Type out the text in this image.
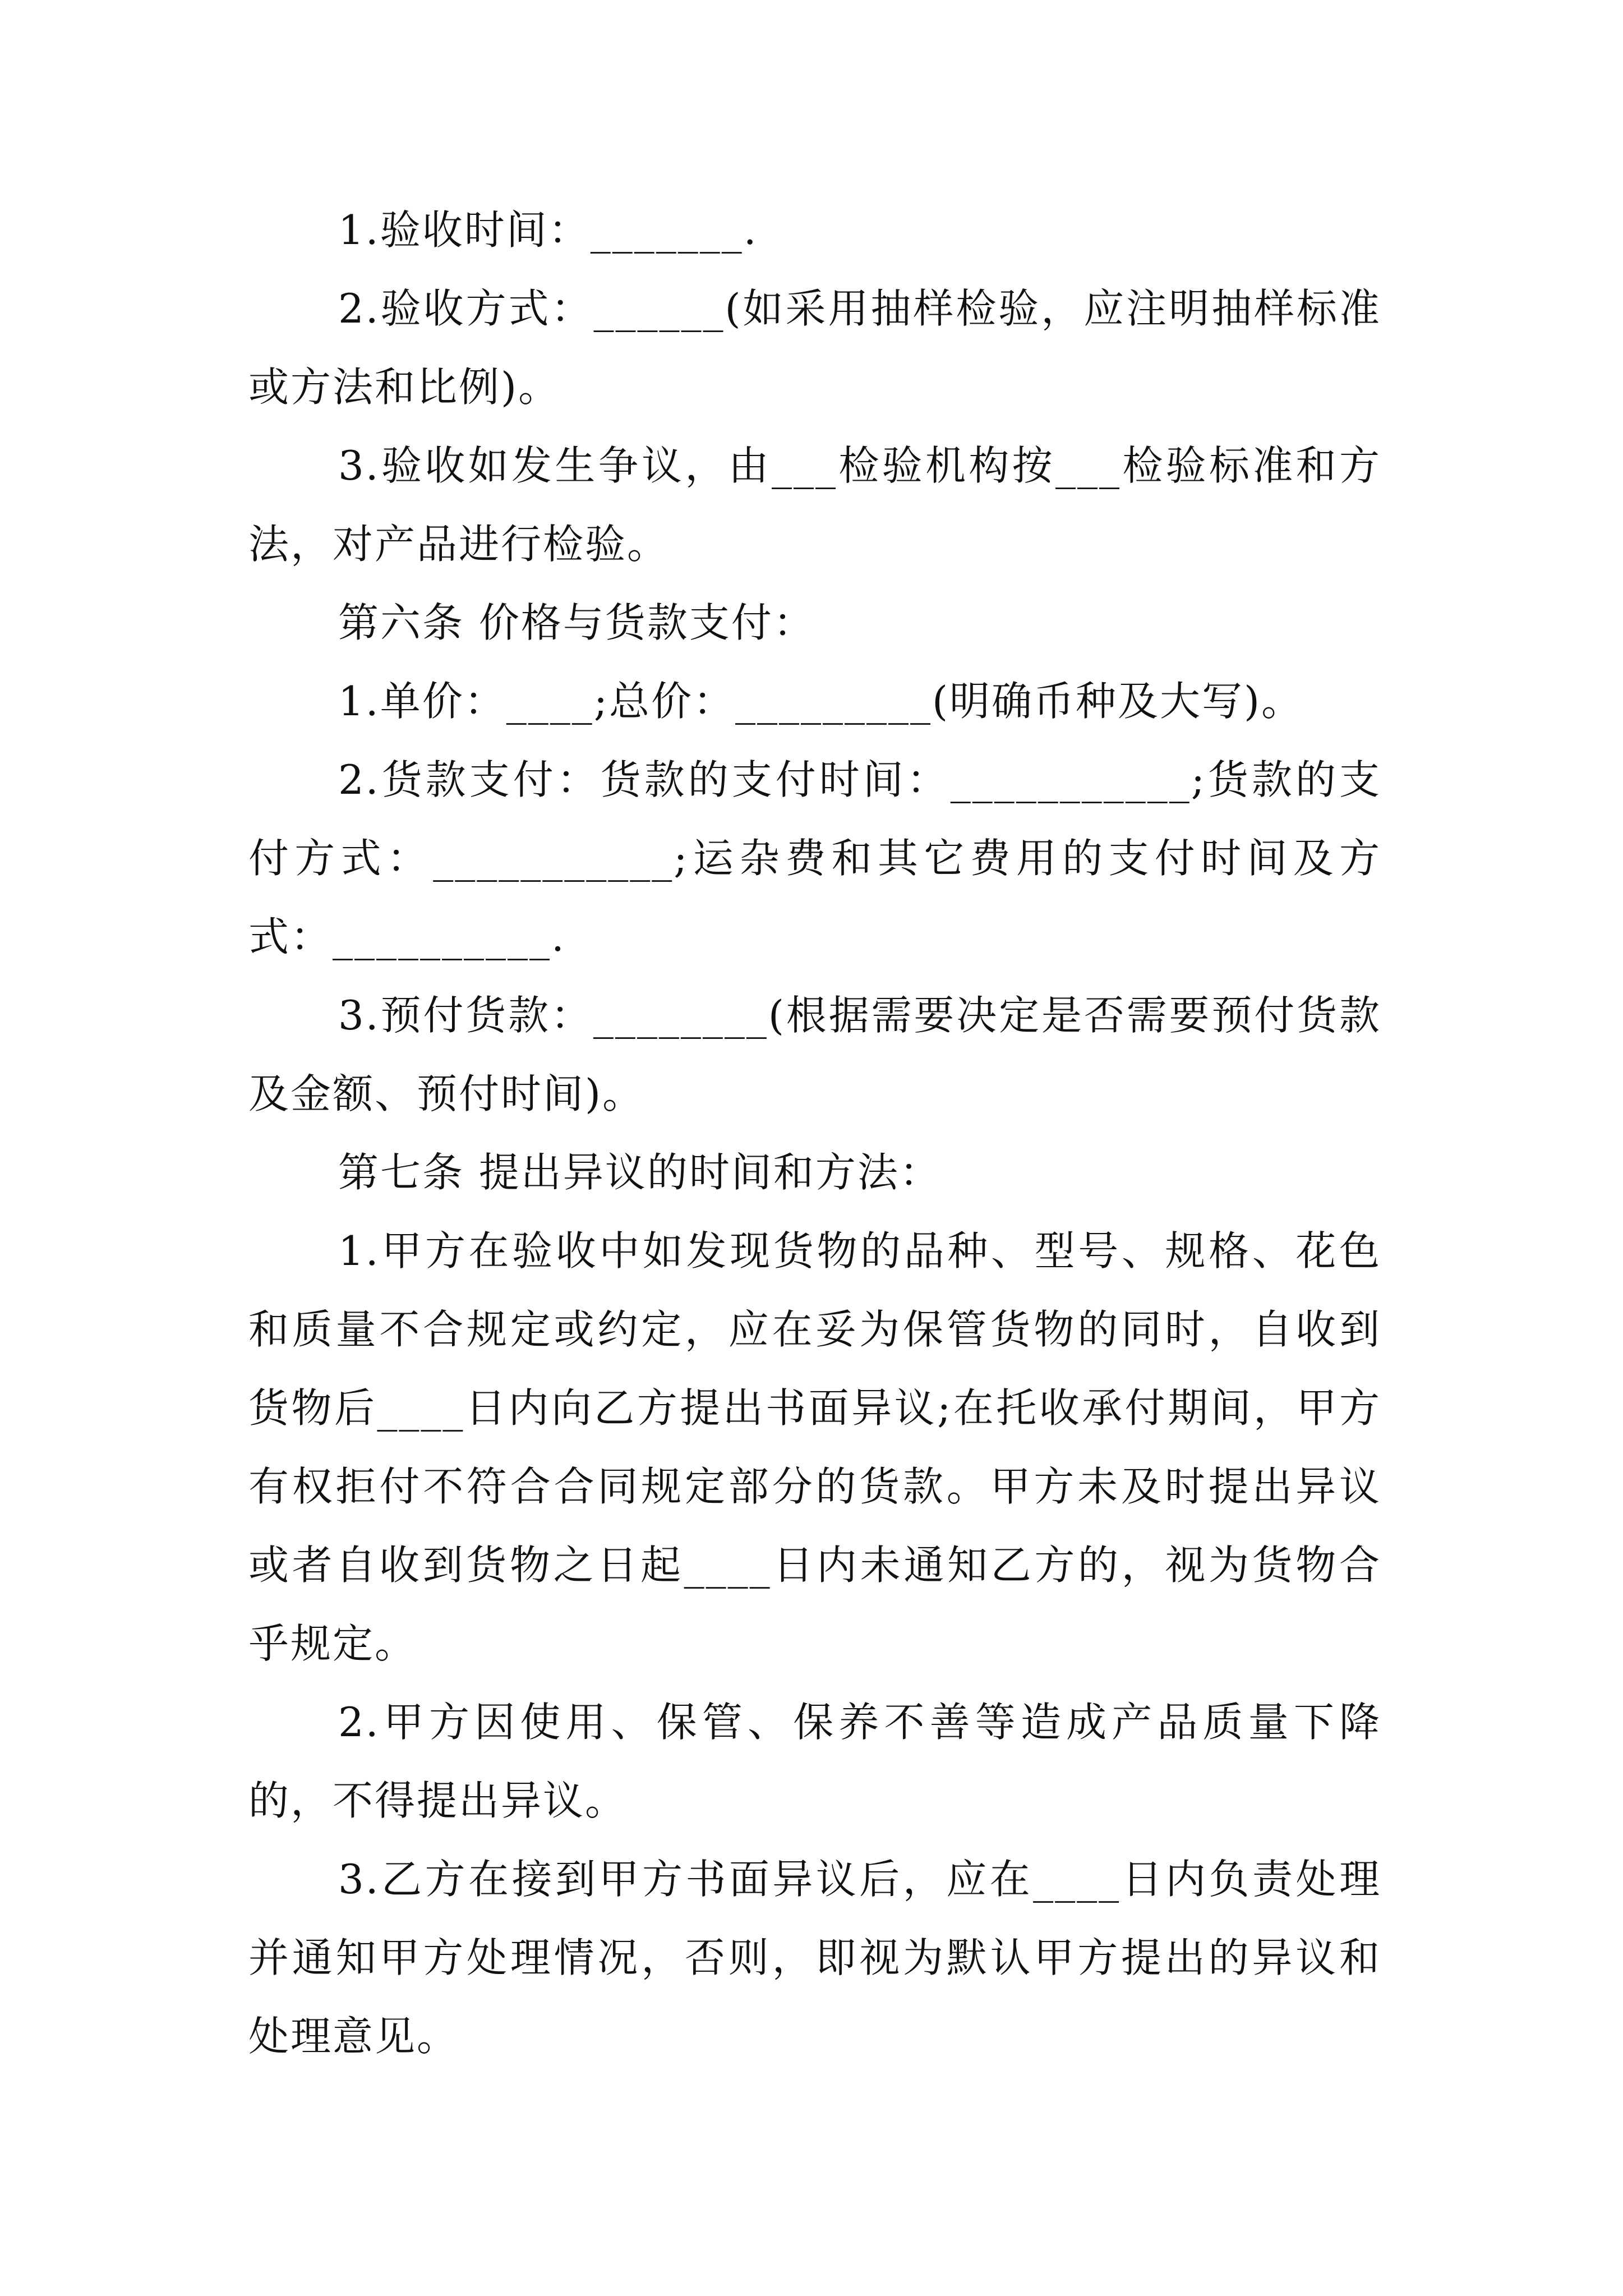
1.验收时间：_______.

2.验收方式：______(如采用抽样检验，应注明抽样标准或方法和比例)。

3.验收如发生争议，由___检验机构按___检验标准和方法，对产品进行检验。

第六条 价格与货款支付：

1.单价：____;总价：_________(明确币种及大写)。

2.货款支付：货款的支付时间：___________;货款的支付方式：___________;运杂费和其它费用的支付时间及方式：__________.

3.预付货款：________(根据需要决定是否需要预付货款及金额、预付时间)。

第七条 提出异议的时间和方法：

1.甲方在验收中如发现货物的品种、型号、规格、花色和质量不合规定或约定，应在妥为保管货物的同时，自收到货物后____日内向乙方提出书面异议;在托收承付期间，甲方有权拒付不符合合同规定部分的货款。甲方未及时提出异议或者自收到货物之日起____日内未通知乙方的，视为货物合乎规定。

2.甲方因使用、保管、保养不善等造成产品质量下降的，不得提出异议。

3.乙方在接到甲方书面异议后，应在____日内负责处理并通知甲方处理情况，否则，即视为默认甲方提出的异议和处理意见。
